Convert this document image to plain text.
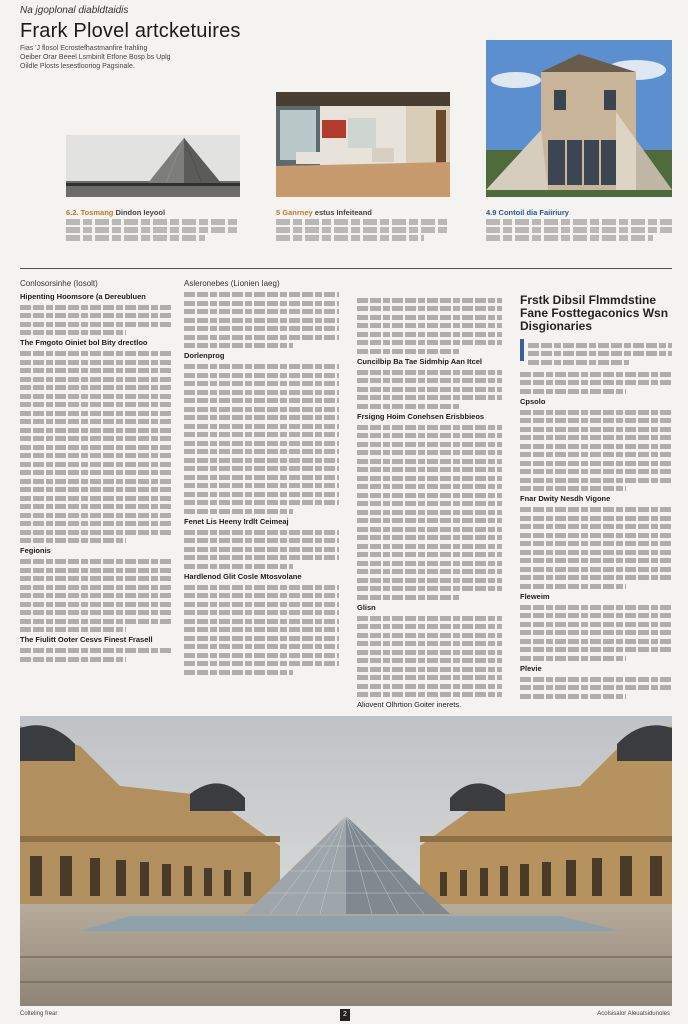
Na jgoplonal diabldtaidis
Frark Plovel artcketuires
Fias 'J flosol Ecrostefhastmanfire frahling
Oeiber Orar Beeel Lsmbinlt Etfone Bosp bs Uplg
Oildle Plosts lesestlooriog Pagsinale.
6.2. Tosmang Dindon Ieyool	5 Ganrney estus Infeiteand	4.9 Contoil dia Faiiriury
Conlosorsinhe (Iosolt)
Hipenting Hoomsore (a Dereubluen
The Fmgoto Oiniet bol Bity drectloo
Fegionis
The Fiulitt Ooter Cesvs Finest Frasell
Asleronebes (Lionien Iaeg)
Dorlenprog
Fenet Lis Heeny Irdlt Ceimeaj
Hardlenod Glit Cosle Mtosvolane
Cuncilbip Ba Tae Sidmhip Aan Itcel
Frsigng Hoim Conehsen Erisbbieos
Glisn
Aliovent Olhrtion Goiter inerets.
Frstk Dibsil Flmmdstine Fane Fosttegaconics Wsn Disgionaries
Cpsolo
Fnar Dwity Nesdh Vigone
Fleweim
Plevie
Colteling frear	2	Acolsisalor Aleuatsidunoles
